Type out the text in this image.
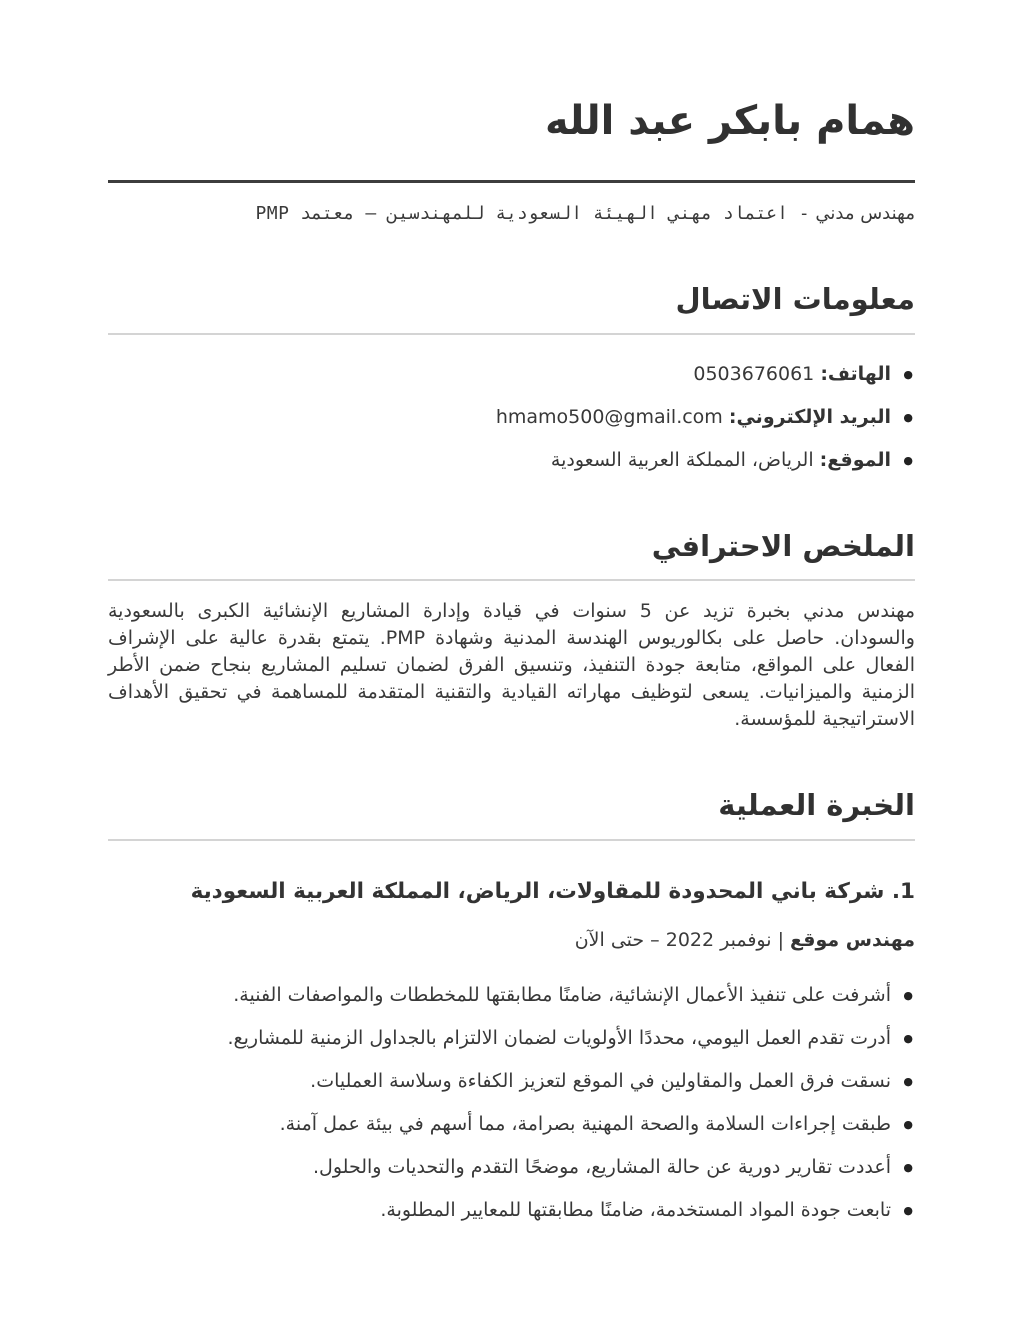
همام بابكر عبد الله

مهندس مدني - اعتماد مهني الهيئة السعودية للمهندسين – معتمد PMP

معلومات الاتصال
● الهاتف: 0503676061
● البريد الإلكتروني: hmamo500@gmail.com
● الموقع: الرياض، المملكة العربية السعودية
الملخص الاحترافي

مهندس مدني بخبرة تزيد عن 5 سنوات في قيادة وإدارة المشاريع الإنشائية الكبرى بالسعودية والسودان. حاصل على بكالوريوس الهندسة المدنية وشهادة PMP. يتمتع بقدرة عالية على الإشراف الفعال على المواقع، متابعة جودة التنفيذ، وتنسيق الفرق لضمان تسليم المشاريع بنجاح ضمن الأطر الزمنية والميزانيات. يسعى لتوظيف مهاراته القيادية والتقنية المتقدمة للمساهمة في تحقيق الأهداف الاستراتيجية للمؤسسة.

الخبرة العملية
1. شركة باني المحدودة للمقاولات، الرياض، المملكة العربية السعودية

مهندس موقع | نوفمبر 2022 – حتى الآن

● أشرفت على تنفيذ الأعمال الإنشائية، ضامنًا مطابقتها للمخططات والمواصفات الفنية.
● أدرت تقدم العمل اليومي، محددًا الأولويات لضمان الالتزام بالجداول الزمنية للمشاريع.
● نسقت فرق العمل والمقاولين في الموقع لتعزيز الكفاءة وسلاسة العمليات.
● طبقت إجراءات السلامة والصحة المهنية بصرامة، مما أسهم في بيئة عمل آمنة.
● أعددت تقارير دورية عن حالة المشاريع، موضحًا التقدم والتحديات والحلول.
● تابعت جودة المواد المستخدمة، ضامنًا مطابقتها للمعايير المطلوبة.
